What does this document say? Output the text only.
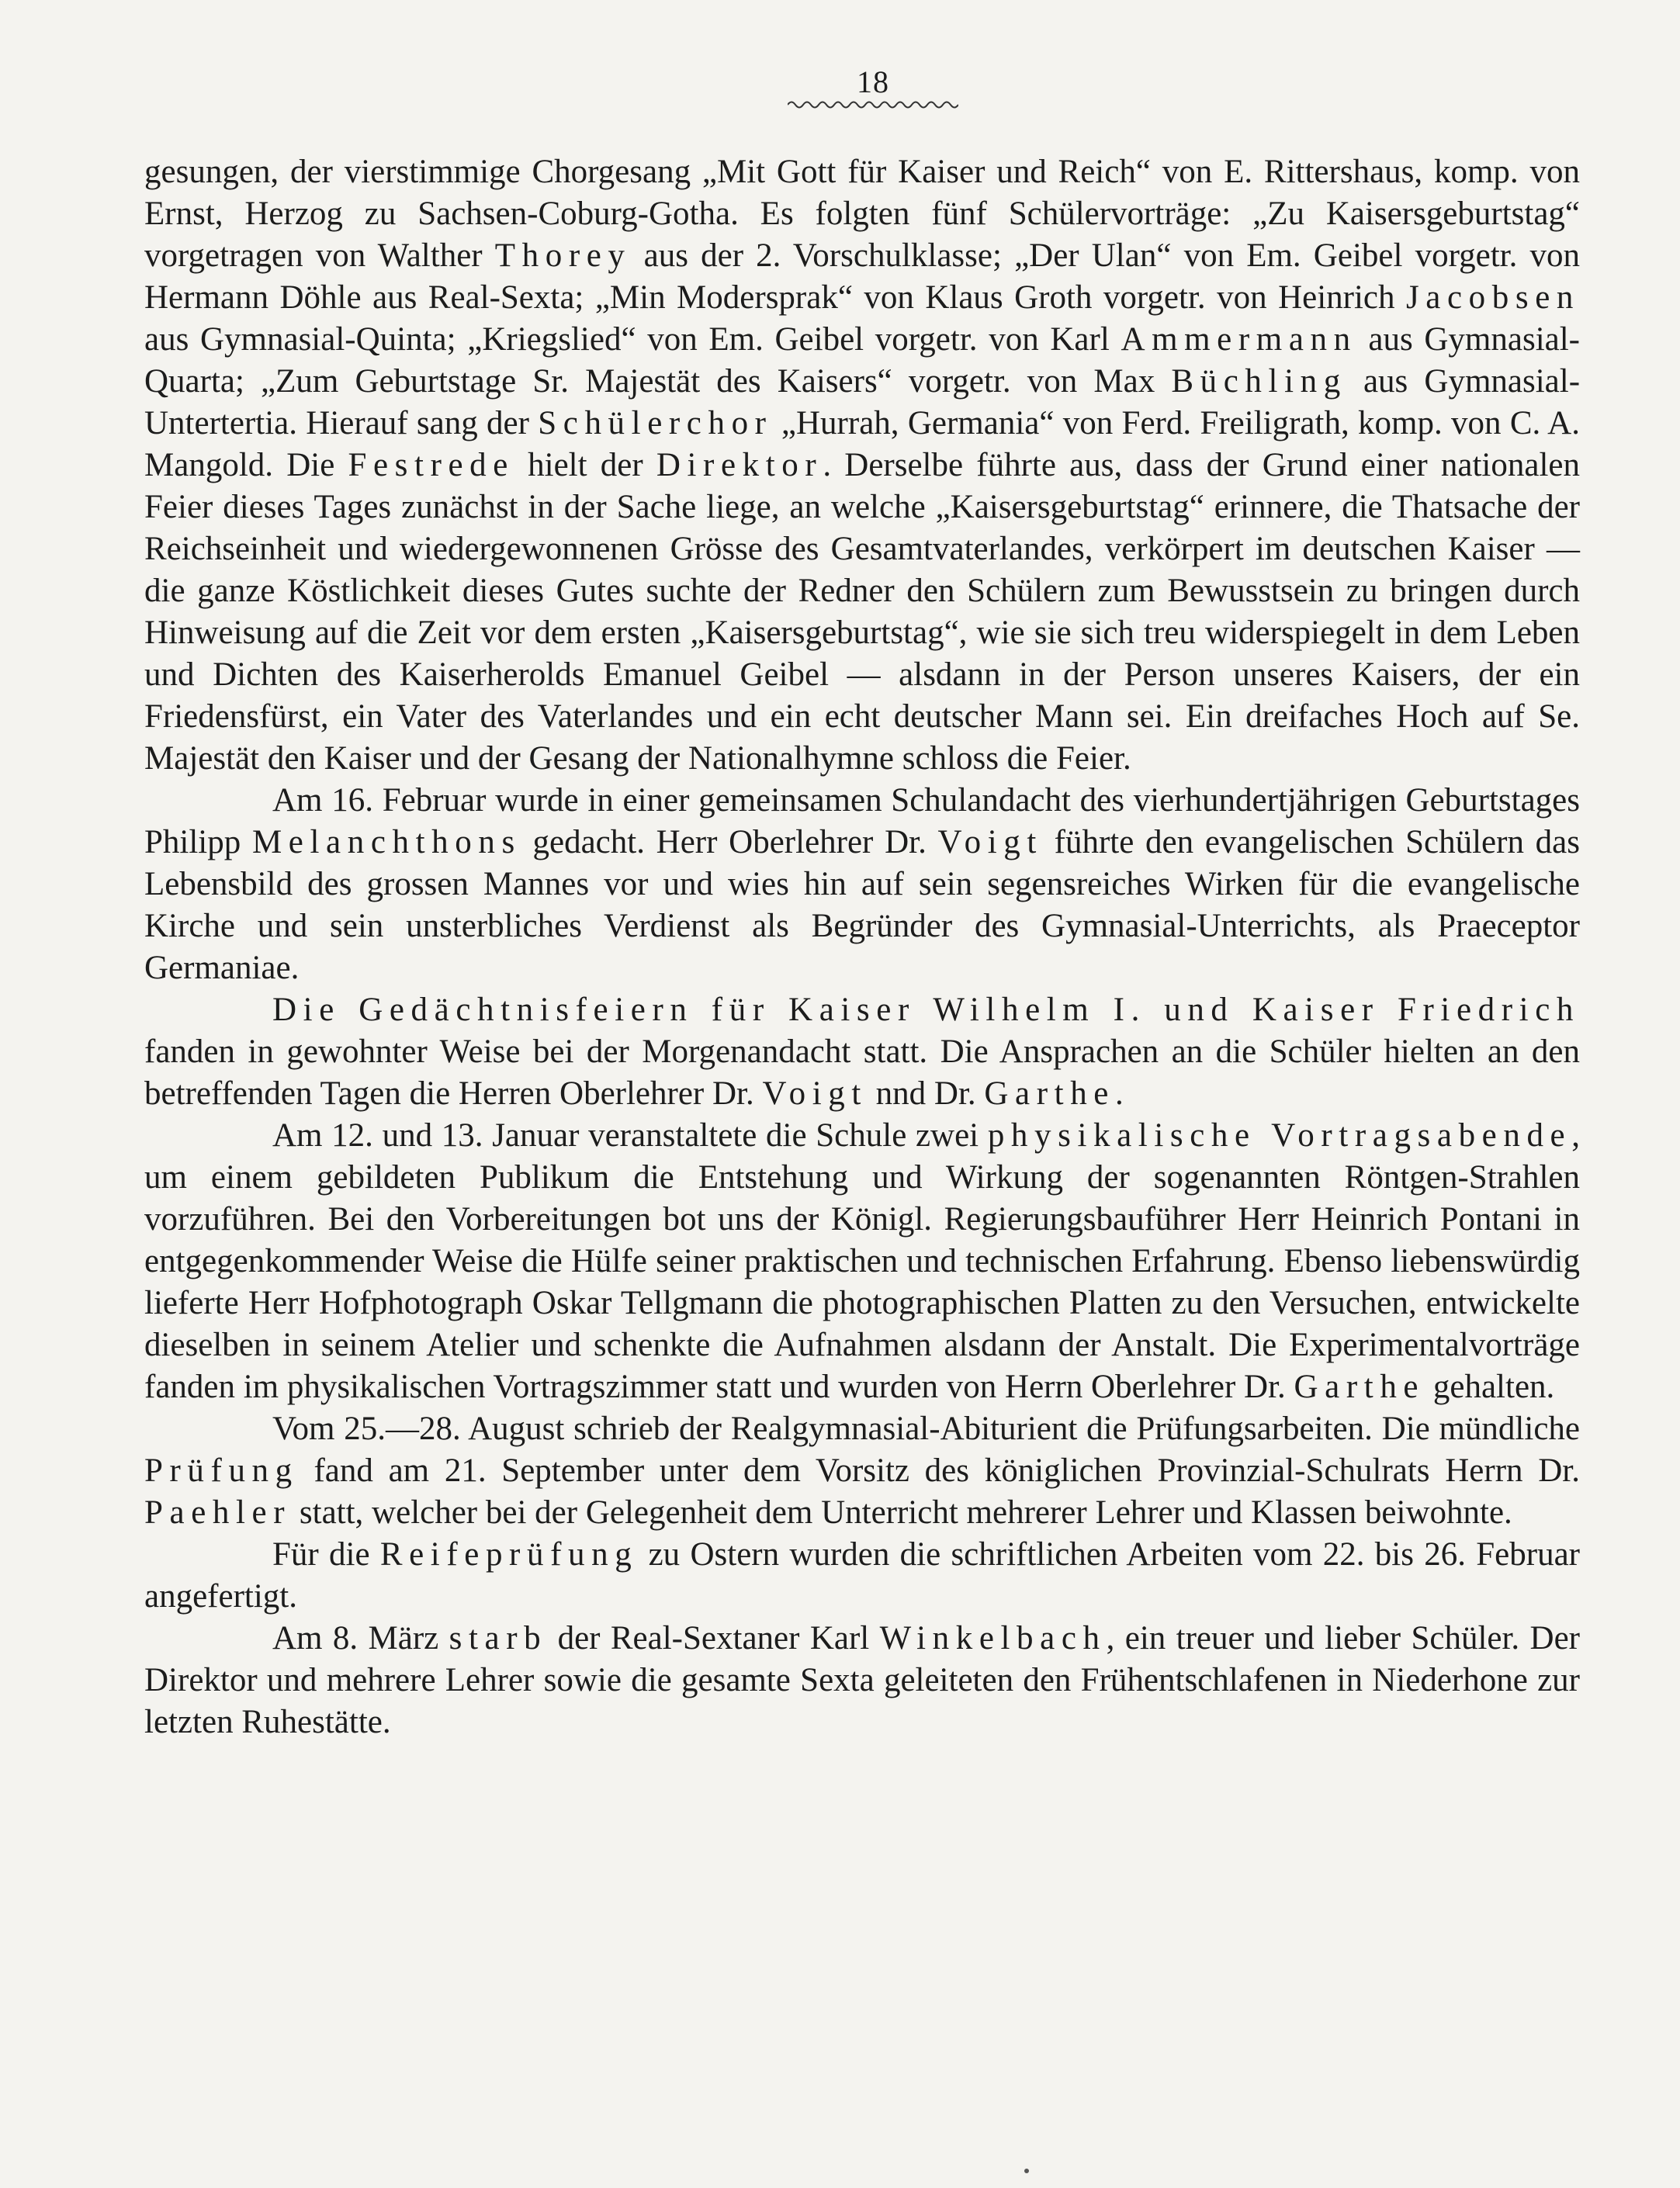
18

gesungen, der vierstimmige Chorgesang „Mit Gott für Kaiser und Reich“ von E. Rittershaus, komp. von Ernst, Herzog zu Sachsen-Coburg-Gotha. Es folgten fünf Schülervorträge: „Zu Kaisersgeburtstag“ vorgetragen von Walther Thorey aus der 2. Vorschulklasse; „Der Ulan“ von Em. Geibel vorgetr. von Hermann Döhle aus Real-Sexta; „Min Modersprak“ von Klaus Groth vorgetr. von Heinrich Jacobsen aus Gymnasial-Quinta; „Kriegslied“ von Em. Geibel vorgetr. von Karl Ammermann aus Gymnasial-Quarta; „Zum Geburtstage Sr. Majestät des Kaisers“ vorgetr. von Max Büchling aus Gymnasial-Untertertia. Hierauf sang der Schülerchor „Hurrah, Germania“ von Ferd. Freiligrath, komp. von C. A. Mangold. Die Festrede hielt der Direktor. Derselbe führte aus, dass der Grund einer nationalen Feier dieses Tages zunächst in der Sache liege, an welche „Kaisersgeburtstag“ erinnere, die Thatsache der Reichseinheit und wiedergewonnenen Grösse des Gesamtvaterlandes, verkörpert im deutschen Kaiser — die ganze Köstlichkeit dieses Gutes suchte der Redner den Schülern zum Bewusstsein zu bringen durch Hinweisung auf die Zeit vor dem ersten „Kaisersgeburtstag“, wie sie sich treu widerspiegelt in dem Leben und Dichten des Kaiserherolds Emanuel Geibel — alsdann in der Person unseres Kaisers, der ein Friedensfürst, ein Vater des Vaterlandes und ein echt deutscher Mann sei. Ein dreifaches Hoch auf Se. Majestät den Kaiser und der Gesang der Nationalhymne schloss die Feier.

Am 16. Februar wurde in einer gemeinsamen Schulandacht des vierhundertjährigen Geburtstages Philipp Melanchthons gedacht. Herr Oberlehrer Dr. Voigt führte den evangelischen Schülern das Lebensbild des grossen Mannes vor und wies hin auf sein segensreiches Wirken für die evangelische Kirche und sein unsterbliches Verdienst als Begründer des Gymnasial-Unterrichts, als Praeceptor Germaniae.

Die Gedächtnisfeiern für Kaiser Wilhelm I. und Kaiser Friedrich fanden in gewohnter Weise bei der Morgenandacht statt. Die Ansprachen an die Schüler hielten an den betreffenden Tagen die Herren Oberlehrer Dr. Voigt nnd Dr. Garthe.

Am 12. und 13. Januar veranstaltete die Schule zwei physikalische Vortragsabende, um einem gebildeten Publikum die Entstehung und Wirkung der sogenannten Röntgen-Strahlen vorzuführen. Bei den Vorbereitungen bot uns der Königl. Regierungsbauführer Herr Heinrich Pontani in entgegenkommender Weise die Hülfe seiner praktischen und technischen Erfahrung. Ebenso liebenswürdig lieferte Herr Hofphotograph Oskar Tellgmann die photographischen Platten zu den Versuchen, entwickelte dieselben in seinem Atelier und schenkte die Aufnahmen alsdann der Anstalt. Die Experimentalvorträge fanden im physikalischen Vortragszimmer statt und wurden von Herrn Oberlehrer Dr. Garthe gehalten.

Vom 25.—28. August schrieb der Realgymnasial-Abiturient die Prüfungsarbeiten. Die mündliche Prüfung fand am 21. September unter dem Vorsitz des königlichen Provinzial-Schulrats Herrn Dr. Paehler statt, welcher bei der Gelegenheit dem Unterricht mehrerer Lehrer und Klassen beiwohnte.

Für die Reifeprüfung zu Ostern wurden die schriftlichen Arbeiten vom 22. bis 26. Februar angefertigt.

Am 8. März starb der Real-Sextaner Karl Winkelbach, ein treuer und lieber Schüler. Der Direktor und mehrere Lehrer sowie die gesamte Sexta geleiteten den Frühentschlafenen in Niederhone zur letzten Ruhestätte.
